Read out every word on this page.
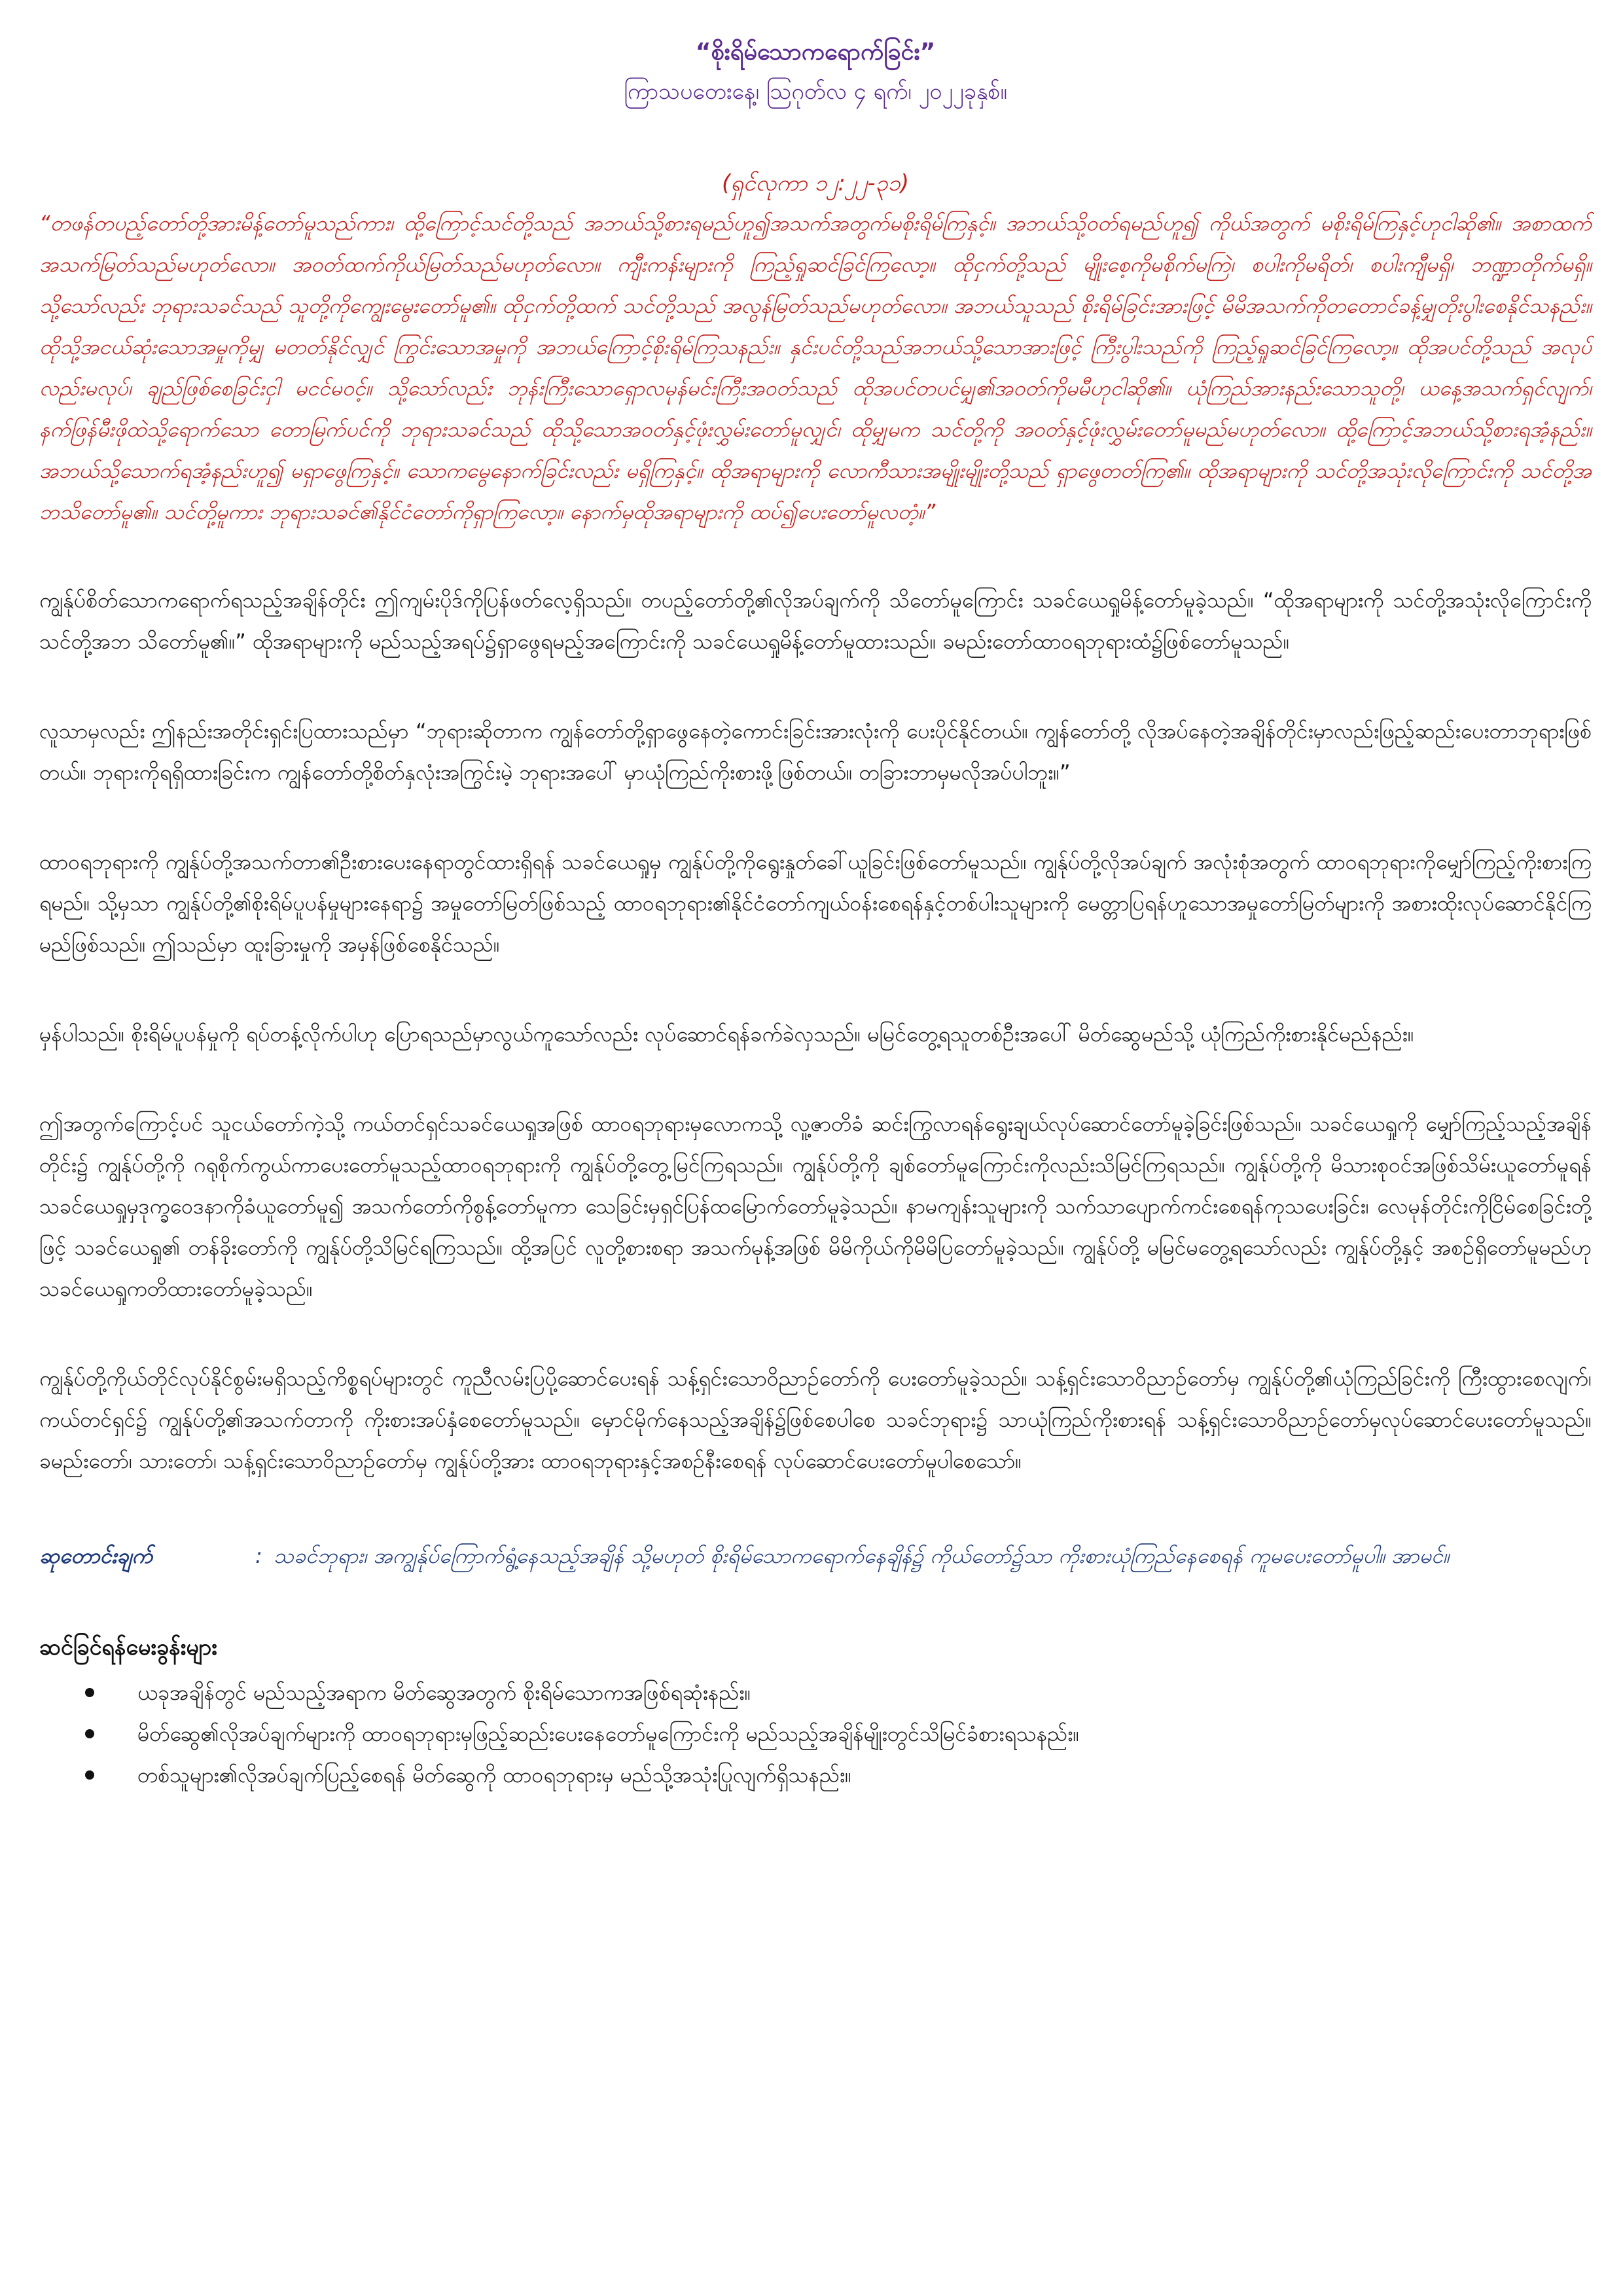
“စိုးရိမ်သောကရောက်ခြင်း”

ကြာသပတေးနေ့၊ ဩဂုတ်လ ၄ ရက်၊ ၂၀၂၂ခုနှစ်။

(ရှင်လုကာ ၁၂:၂၂-၃၁)

“တဖန်တပည့်တော်တို့အားမိန့်တော်မူသည်ကား၊ ထို့ကြောင့်သင်တို့သည် အဘယ်သို့စားရမည်ဟူ၍အသက်အတွက်မစိုးရိမ်ကြနှင့်။ အဘယ်သို့ဝတ်ရမည်ဟူ၍ ကိုယ်အတွက် မစိုးရိမ်ကြနှင့်ဟုငါဆို၏။ အစာထက်အသက်မြတ်သည်မဟုတ်လော။ အဝတ်ထက်ကိုယ်မြတ်သည်မဟုတ်လော။ ကျီးကန်းများကို ကြည့်ရှုဆင်ခြင်ကြလော့။ ထိုငှက်တို့သည် မျိုးစေ့ကိုမစိုက်မကြဲ၊ စပါးကိုမရိတ်၊ စပါးကျီမရှိ၊ ဘဏ္ဍာတိုက်မရှိ။ သို့သော်လည်း ဘုရားသခင်သည် သူတို့ကိုကျွေးမွေးတော်မူ၏။ ထိုငှက်တို့ထက် သင်တို့သည် အလွန်မြတ်သည်မဟုတ်လော။ အဘယ်သူသည် စိုးရိမ်ခြင်းအားဖြင့် မိမိအသက်ကိုတတောင်ခန့်မျှတိုးပွါးစေနိုင်သနည်း။ ထိုသို့အငယ်ဆုံးသောအမှုကိုမျှ မတတ်နိုင်လျှင် ကြွင်းသောအမှုကို အဘယ်ကြောင့်စိုးရိမ်ကြသနည်း။ နှင်းပင်တို့သည်အဘယ်သို့သောအားဖြင့် ကြီးပွါးသည်ကို ကြည့်ရှုဆင်ခြင်ကြလော့။ ထိုအပင်တို့သည် အလုပ်လည်းမလုပ်၊ ချည်ဖြစ်စေခြင်းငှါ မငင်မဝင့်။ သို့သော်လည်း ဘုန်းကြီးသောရှောလမုန်မင်းကြီးအဝတ်သည် ထိုအပင်တပင်မျှ၏အဝတ်ကိုမမီဟုငါဆို၏။ ယုံကြည်အားနည်းသောသူတို့၊ ယနေ့အသက်ရှင်လျက်၊ နက်ဖြန်မီးဖိုထဲသို့ရောက်သော တောမြက်ပင်ကို ဘုရားသခင်သည် ထိုသို့သောအဝတ်နှင့်ဖုံးလွှမ်းတော်မူလျှင်၊ ထိုမျှမက သင်တို့ကို အဝတ်နှင့်ဖုံးလွှမ်းတော်မူမည်မဟုတ်လော။ ထို့ကြောင့်အဘယ်သို့စားရအံ့နည်း။ အဘယ်သို့သောက်ရအံ့နည်းဟူ၍ မရှာဖွေကြနှင့်။ သောကမွေနောက်ခြင်းလည်း မရှိကြနှင့်။ ထိုအရာများကို လောကီသားအမျိုးမျိုးတို့သည် ရှာဖွေတတ်ကြ၏။ ထိုအရာများကို သင်တို့အသုံးလိုကြောင်းကို သင်တို့အဘသိတော်မူ၏။ သင်တို့မူကား ဘုရားသခင်၏နိုင်ငံတော်ကိုရှာကြလော့။ နောက်မှထိုအရာများကို ထပ်၍ပေးတော်မူလတံ့။”

ကျွန်ုပ်စိတ်သောကရောက်ရသည့်အချိန်တိုင်း ဤကျမ်းပိုဒ်ကိုပြန်ဖတ်လေ့ရှိသည်။ တပည့်တော်တို့၏လိုအပ်ချက်ကို သိတော်မူကြောင်း သခင်ယေရှုမိန့်တော်မူခဲ့သည်။ “ထိုအရာများကို သင်တို့အသုံးလိုကြောင်းကို သင်တို့အဘ သိတော်မူ၏။” ထိုအရာများကို မည်သည့်အရပ်၌ရှာဖွေရမည့်အကြောင်းကို သခင်ယေရှုမိန့်တော်မူထားသည်။ ခမည်းတော်ထာဝရဘုရားထံ၌ဖြစ်တော်မူသည်။

လူသာမှလည်း ဤနည်းအတိုင်းရှင်းပြထားသည်မှာ “ဘုရားဆိုတာက ကျွန်တော်တို့ရှာဖွေနေတဲ့ကောင်းခြင်းအားလုံးကို ပေးပိုင်နိုင်တယ်။ ကျွန်တော်တို့ လိုအပ်နေတဲ့အချိန်တိုင်းမှာလည်းဖြည့်ဆည်းပေးတာဘုရားဖြစ်တယ်။ ဘုရားကိုရရှိထားခြင်းက ကျွန်တော်တို့စိတ်နှလုံးအကြွင်းမဲ့ ဘုရားအပေါ် မှာယုံကြည်ကိုးစားဖို့ဖြစ်တယ်။ တခြားဘာမှမလိုအပ်ပါဘူး။”

ထာဝရဘုရားကို ကျွန်ုပ်တို့အသက်တာ၏ဦးစားပေးနေရာတွင်ထားရှိရန် သခင်ယေရှုမှ ကျွန်ုပ်တို့ကိုရွေးနှုတ်ခေါ်ယူခြင်းဖြစ်တော်မူသည်။ ကျွန်ုပ်တို့လိုအပ်ချက် အလုံးစုံအတွက် ထာဝရဘုရားကိုမျှော်ကြည့်ကိုးစားကြရမည်။ သို့မှသာ ကျွန်ုပ်တို့၏စိုးရိမ်ပူပန်မှုများနေရာ၌ အမှုတော်မြတ်ဖြစ်သည့် ထာဝရဘုရား၏နိုင်ငံတော်ကျယ်ဝန်းစေရန်နှင့်တစ်ပါးသူများကို မေတ္တာပြရန်ဟူသောအမှုတော်မြတ်များကို အစားထိုးလုပ်ဆောင်နိုင်ကြမည်ဖြစ်သည်။ ဤသည်မှာ ထူးခြားမှုကို အမှန်ဖြစ်စေနိုင်သည်။

မှန်ပါသည်။ စိုးရိမ်ပူပန်မှုကို ရပ်တန့်လိုက်ပါဟု ပြောရသည်မှာလွယ်ကူသော်လည်း လုပ်ဆောင်ရန်ခက်ခဲလှသည်။ မမြင်တွေ့ရသူတစ်ဦးအပေါ် မိတ်ဆွေမည်သို့ ယုံကြည်ကိုးစားနိုင်မည်နည်း။

ဤအတွက်ကြောင့်ပင် သူငယ်တော်ကဲ့သို့ ကယ်တင်ရှင်သခင်ယေရှုအဖြစ် ထာဝရဘုရားမှလောကသို့ လူ့ဇာတိခံ ဆင်းကြွလာရန်ရွေးချယ်လုပ်ဆောင်တော်မူခဲ့ခြင်းဖြစ်သည်။ သခင်ယေရှုကို မျှော်ကြည့်သည့်အချိန်တိုင်း၌ ကျွန်ုပ်တို့ကို ဂရုစိုက်ကွယ်ကာပေးတော်မူသည့်ထာဝရဘုရားကို ကျွန်ုပ်တို့တွေ့မြင်ကြရသည်။ ကျွန်ုပ်တို့ကို ချစ်တော်မူကြောင်းကိုလည်းသိမြင်ကြရသည်။ ကျွန်ုပ်တို့ကို မိသားစုဝင်အဖြစ်သိမ်းယူတော်မူရန် သခင်ယေရှုမှဒုက္ခဝေဒနာကိုခံယူတော်မူ၍ အသက်တော်ကိုစွန့်တော်မူကာ သေခြင်းမှရှင်ပြန်ထမြောက်တော်မူခဲ့သည်။ နာမကျန်းသူများကို သက်သာပျောက်ကင်းစေရန်ကုသပေးခြင်း၊ လေမုန်တိုင်းကိုငြိမ်စေခြင်းတို့ဖြင့် သခင်ယေရှု၏ တန်ခိုးတော်ကို ကျွန်ုပ်တို့သိမြင်ရကြသည်။ ထို့အပြင် လူတို့စားစရာ အသက်မုန့်အဖြစ် မိမိကိုယ်ကိုမိမိပြတော်မူခဲ့သည်။ ကျွန်ုပ်တို့ မမြင်မတွေ့ရသော်လည်း ကျွန်ုပ်တို့နှင့် အစဉ်ရှိတော်မူမည်ဟု သခင်ယေရှုကတိထားတော်မူခဲ့သည်။

ကျွန်ုပ်တို့ကိုယ်တိုင်လုပ်နိုင်စွမ်းမရှိသည့်ကိစ္စရပ်များတွင် ကူညီလမ်းပြပို့ဆောင်ပေးရန် သန့်ရှင်းသောဝိညာဉ်တော်ကို ပေးတော်မူခဲ့သည်။ သန့်ရှင်းသောဝိညာဉ်တော်မှ ကျွန်ုပ်တို့၏ယုံကြည်ခြင်းကို ကြီးထွားစေလျက်၊ ကယ်တင်ရှင်၌ ကျွန်ုပ်တို့၏အသက်တာကို ကိုးစားအပ်နှံစေတော်မူသည်။ မှောင်မိုက်နေသည့်အချိန်၌ဖြစ်စေပါစေ သခင်ဘုရား၌ သာယုံကြည်ကိုးစားရန် သန့်ရှင်းသောဝိညာဉ်တော်မှလုပ်ဆောင်ပေးတော်မူသည်။ ခမည်းတော်၊ သားတော်၊ သန့်ရှင်းသောဝိညာဉ်တော်မှ ကျွန်ုပ်တို့အား ထာဝရဘုရားနှင့်အစဉ်နီးစေရန် လုပ်ဆောင်ပေးတော်မူပါစေသော်။

ဆုတောင်းချက်	: သခင်ဘုရား၊ အကျွန်ုပ်ကြောက်ရွံ့နေသည့်အချိန် သို့မဟုတ် စိုးရိမ်သောကရောက်နေချိန်၌ ကိုယ်တော်၌သာ ကိုးစားယုံကြည်နေစေရန် ကူမပေးတော်မူပါ။ အာမင်။

ဆင်ခြင်ရန်မေးခွန်းများ

ယခုအချိန်တွင် မည်သည့်အရာက မိတ်ဆွေအတွက် စိုးရိမ်သောကအဖြစ်ရဆုံးနည်း။
မိတ်ဆွေ၏လိုအပ်ချက်များကို ထာဝရဘုရားမှဖြည့်ဆည်းပေးနေတော်မူကြောင်းကို မည်သည့်အချိန်မျိုးတွင်သိမြင်ခံစားရသနည်း။
တစ်သူများ၏လိုအပ်ချက်ပြည့်စေရန် မိတ်ဆွေကို ထာဝရဘုရားမှ မည်သို့အသုံးပြုလျက်ရှိသနည်း။
